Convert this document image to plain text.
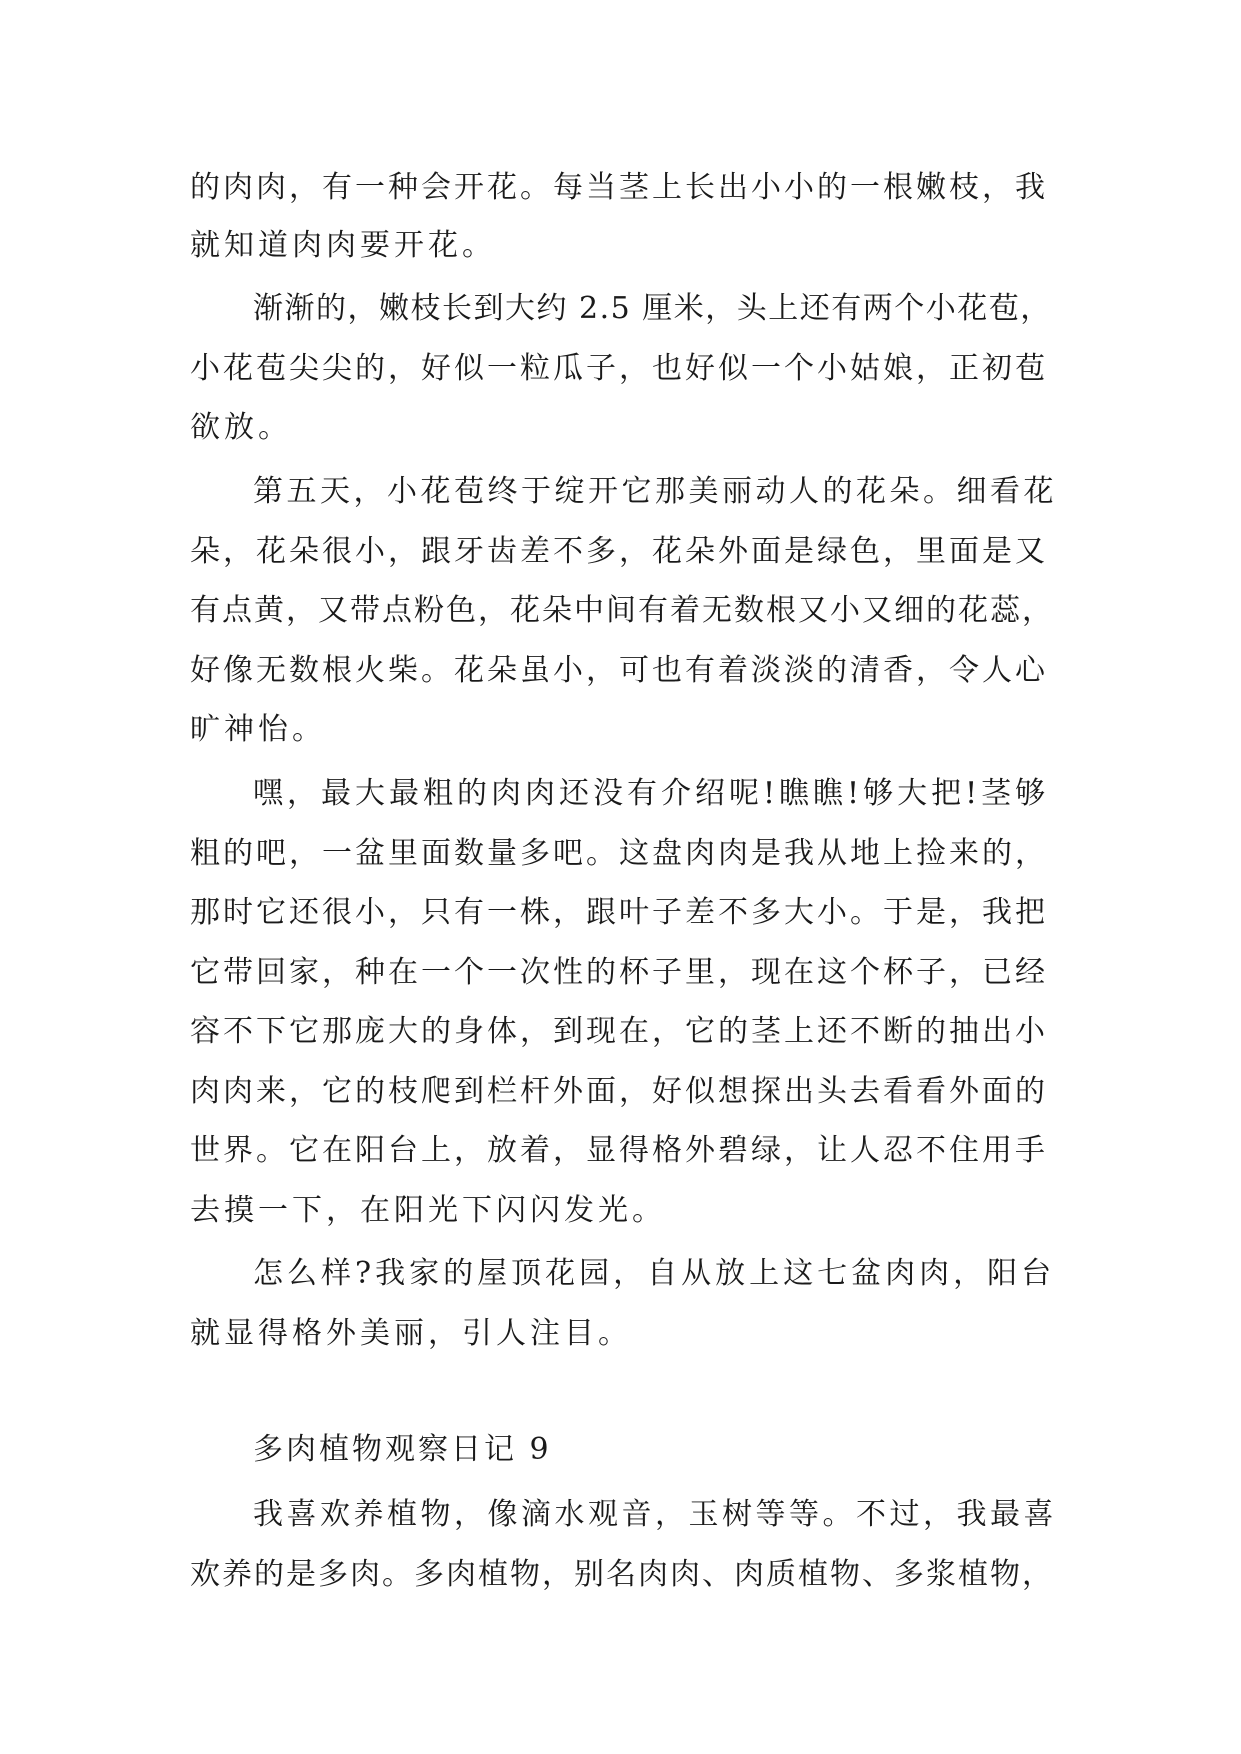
的肉肉，有一种会开花。每当茎上长出小小的一根嫩枝，我
就知道肉肉要开花。
渐渐的，嫩枝长到大约 2.5 厘米，头上还有两个小花苞，
小花苞尖尖的，好似一粒瓜子，也好似一个小姑娘，正初苞
欲放。
第五天，小花苞终于绽开它那美丽动人的花朵。细看花
朵，花朵很小，跟牙齿差不多，花朵外面是绿色，里面是又
有点黄，又带点粉色，花朵中间有着无数根又小又细的花蕊，
好像无数根火柴。花朵虽小，可也有着淡淡的清香，令人心
旷神怡。
嘿，最大最粗的肉肉还没有介绍呢!瞧瞧!够大把!茎够
粗的吧，一盆里面数量多吧。这盘肉肉是我从地上捡来的，
那时它还很小，只有一株，跟叶子差不多大小。于是，我把
它带回家，种在一个一次性的杯子里，现在这个杯子，已经
容不下它那庞大的身体，到现在，它的茎上还不断的抽出小
肉肉来，它的枝爬到栏杆外面，好似想探出头去看看外面的
世界。它在阳台上，放着，显得格外碧绿，让人忍不住用手
去摸一下，在阳光下闪闪发光。
怎么样?我家的屋顶花园，自从放上这七盆肉肉，阳台
就显得格外美丽，引人注目。
多肉植物观察日记 9
我喜欢养植物，像滴水观音，玉树等等。不过，我最喜
欢养的是多肉。多肉植物，别名肉肉、肉质植物、多浆植物，
